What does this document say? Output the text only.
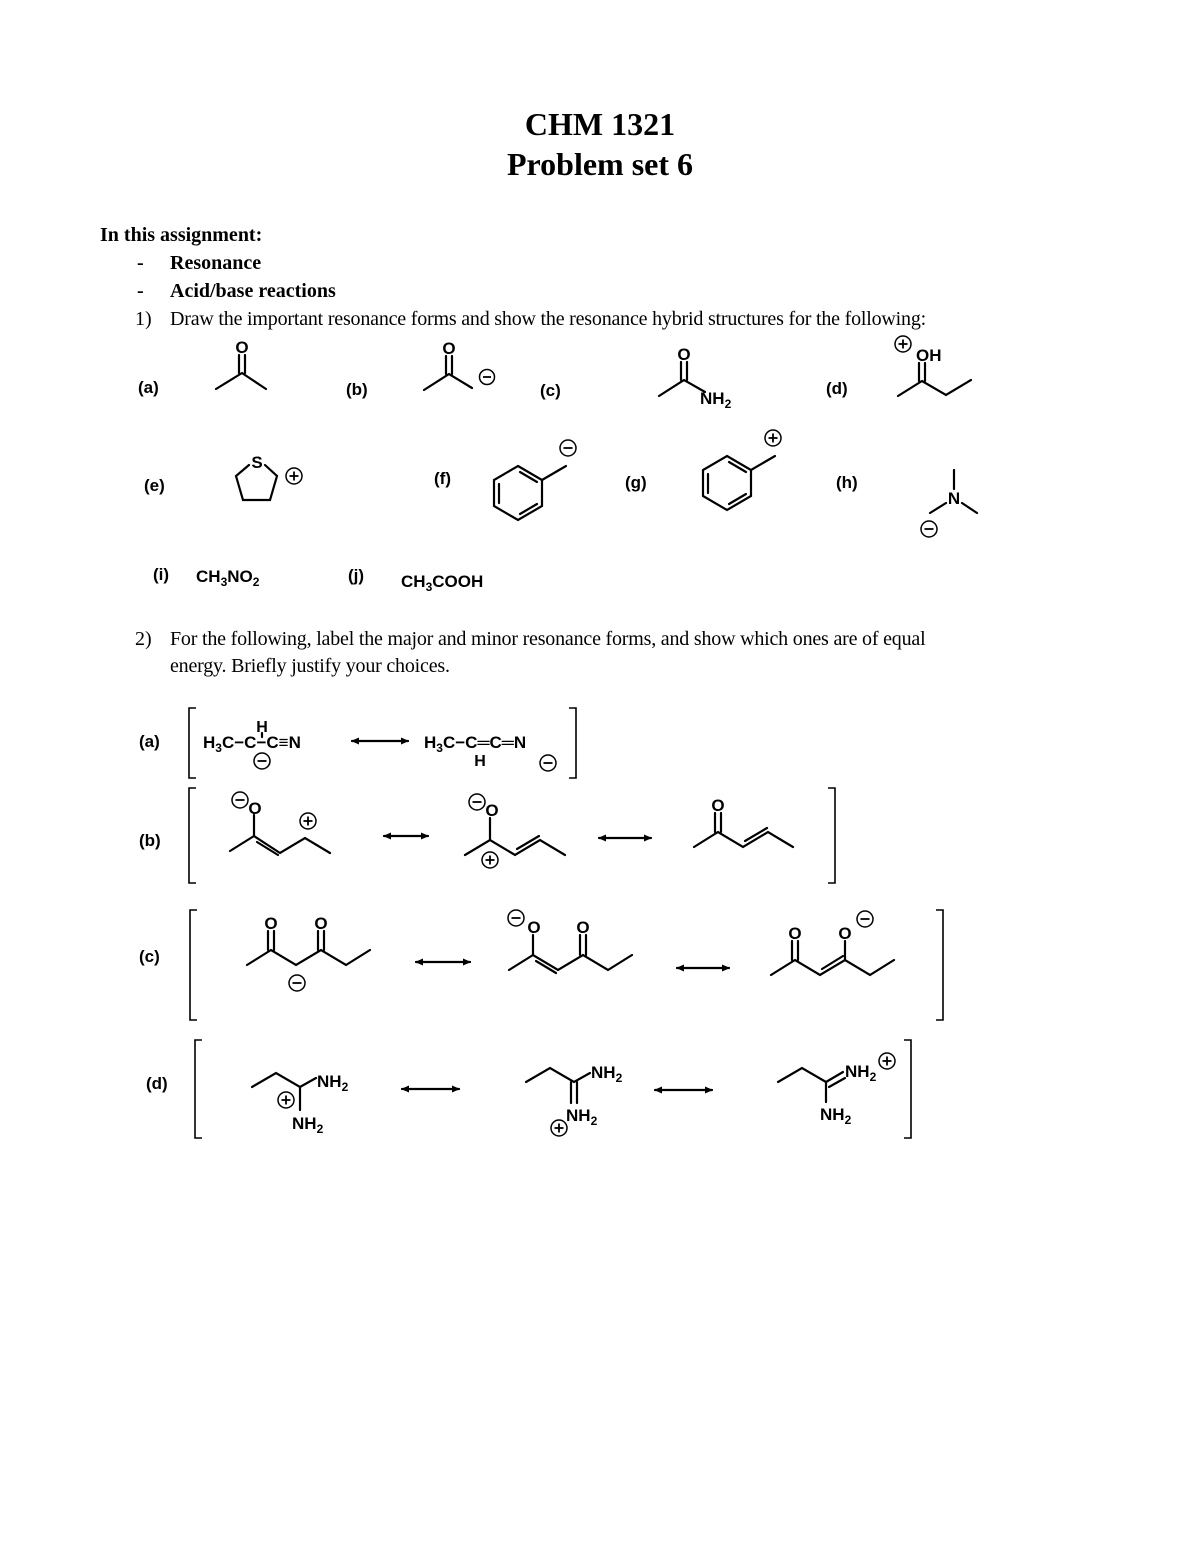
CHM 1321
Problem set 6
In this assignment:
- Resonance
- Acid/base reactions
1) Draw the important resonance forms and show the resonance hybrid structures for the following:
(a)	(b)	(c)	(d)
(e)	(f)	(g)	(h)
(i)	(j)
2) For the following, label the major and minor resonance forms, and show which ones are of equal
energy. Briefly justify your choices.
(a)
(b)
(c)
(d)
O	O	O
$NH_2$
OH
S
N
$CH_3NO_2$	$CH_3COOH$
$H_3C-C-C\equiv N$
H
$H_3C-C═C═N$
H
O	O	O
O O	O O	O O
$NH_2$
$NH_2$
$NH_2$
$NH_2$
$NH_2$
$NH_2$
